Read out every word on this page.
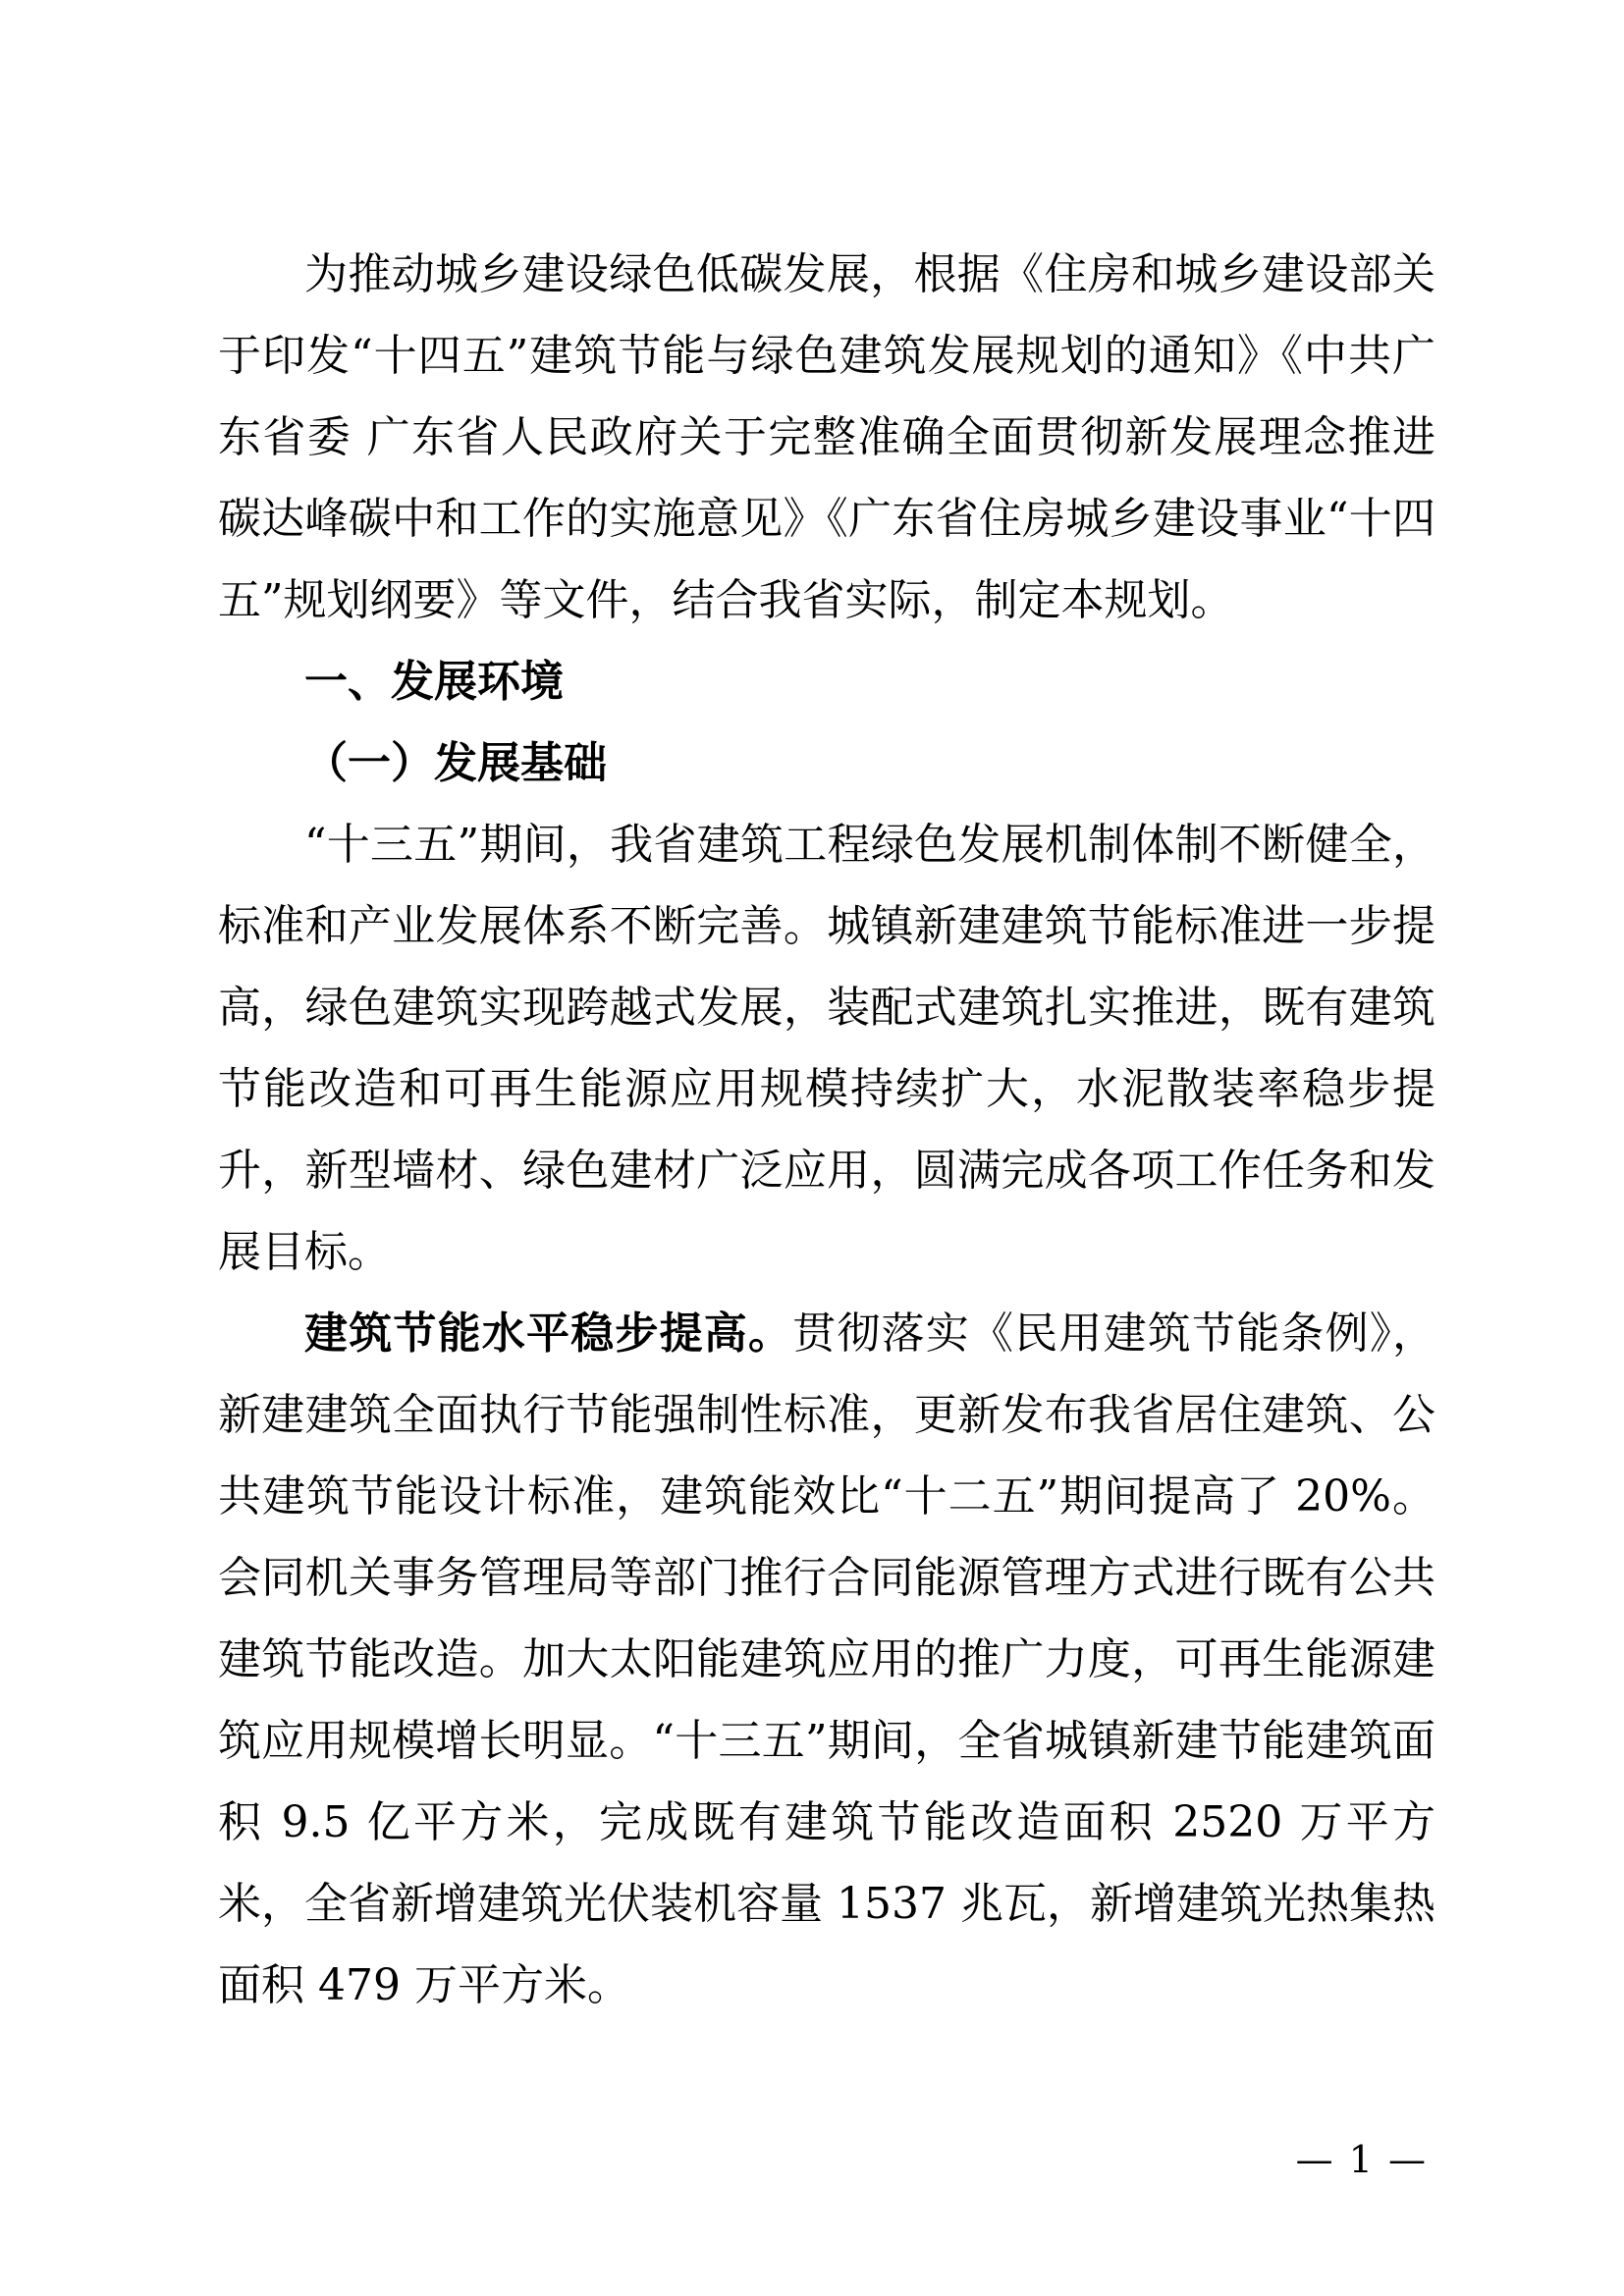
为推动城乡建设绿色低碳发展，根据《住房和城乡建设部关于印发“十四五”建筑节能与绿色建筑发展规划的通知》《中共广东省委 广东省人民政府关于完整准确全面贯彻新发展理念推进碳达峰碳中和工作的实施意见》《广东省住房城乡建设事业“十四五”规划纲要》等文件，结合我省实际，制定本规划。

一、发展环境

（一）发展基础

“十三五”期间，我省建筑工程绿色发展机制体制不断健全，标准和产业发展体系不断完善。城镇新建建筑节能标准进一步提高，绿色建筑实现跨越式发展，装配式建筑扎实推进，既有建筑节能改造和可再生能源应用规模持续扩大，水泥散装率稳步提升，新型墙材、绿色建材广泛应用，圆满完成各项工作任务和发展目标。

建筑节能水平稳步提高。贯彻落实《民用建筑节能条例》，新建建筑全面执行节能强制性标准，更新发布我省居住建筑、公共建筑节能设计标准，建筑能效比“十二五”期间提高了 20%。会同机关事务管理局等部门推行合同能源管理方式进行既有公共建筑节能改造。加大太阳能建筑应用的推广力度，可再生能源建筑应用规模增长明显。“十三五”期间，全省城镇新建节能建筑面积 9.5 亿平方米，完成既有建筑节能改造面积 2520 万平方米，全省新增建筑光伏装机容量 1537 兆瓦，新增建筑光热集热面积 479 万平方米。

— 1 —
